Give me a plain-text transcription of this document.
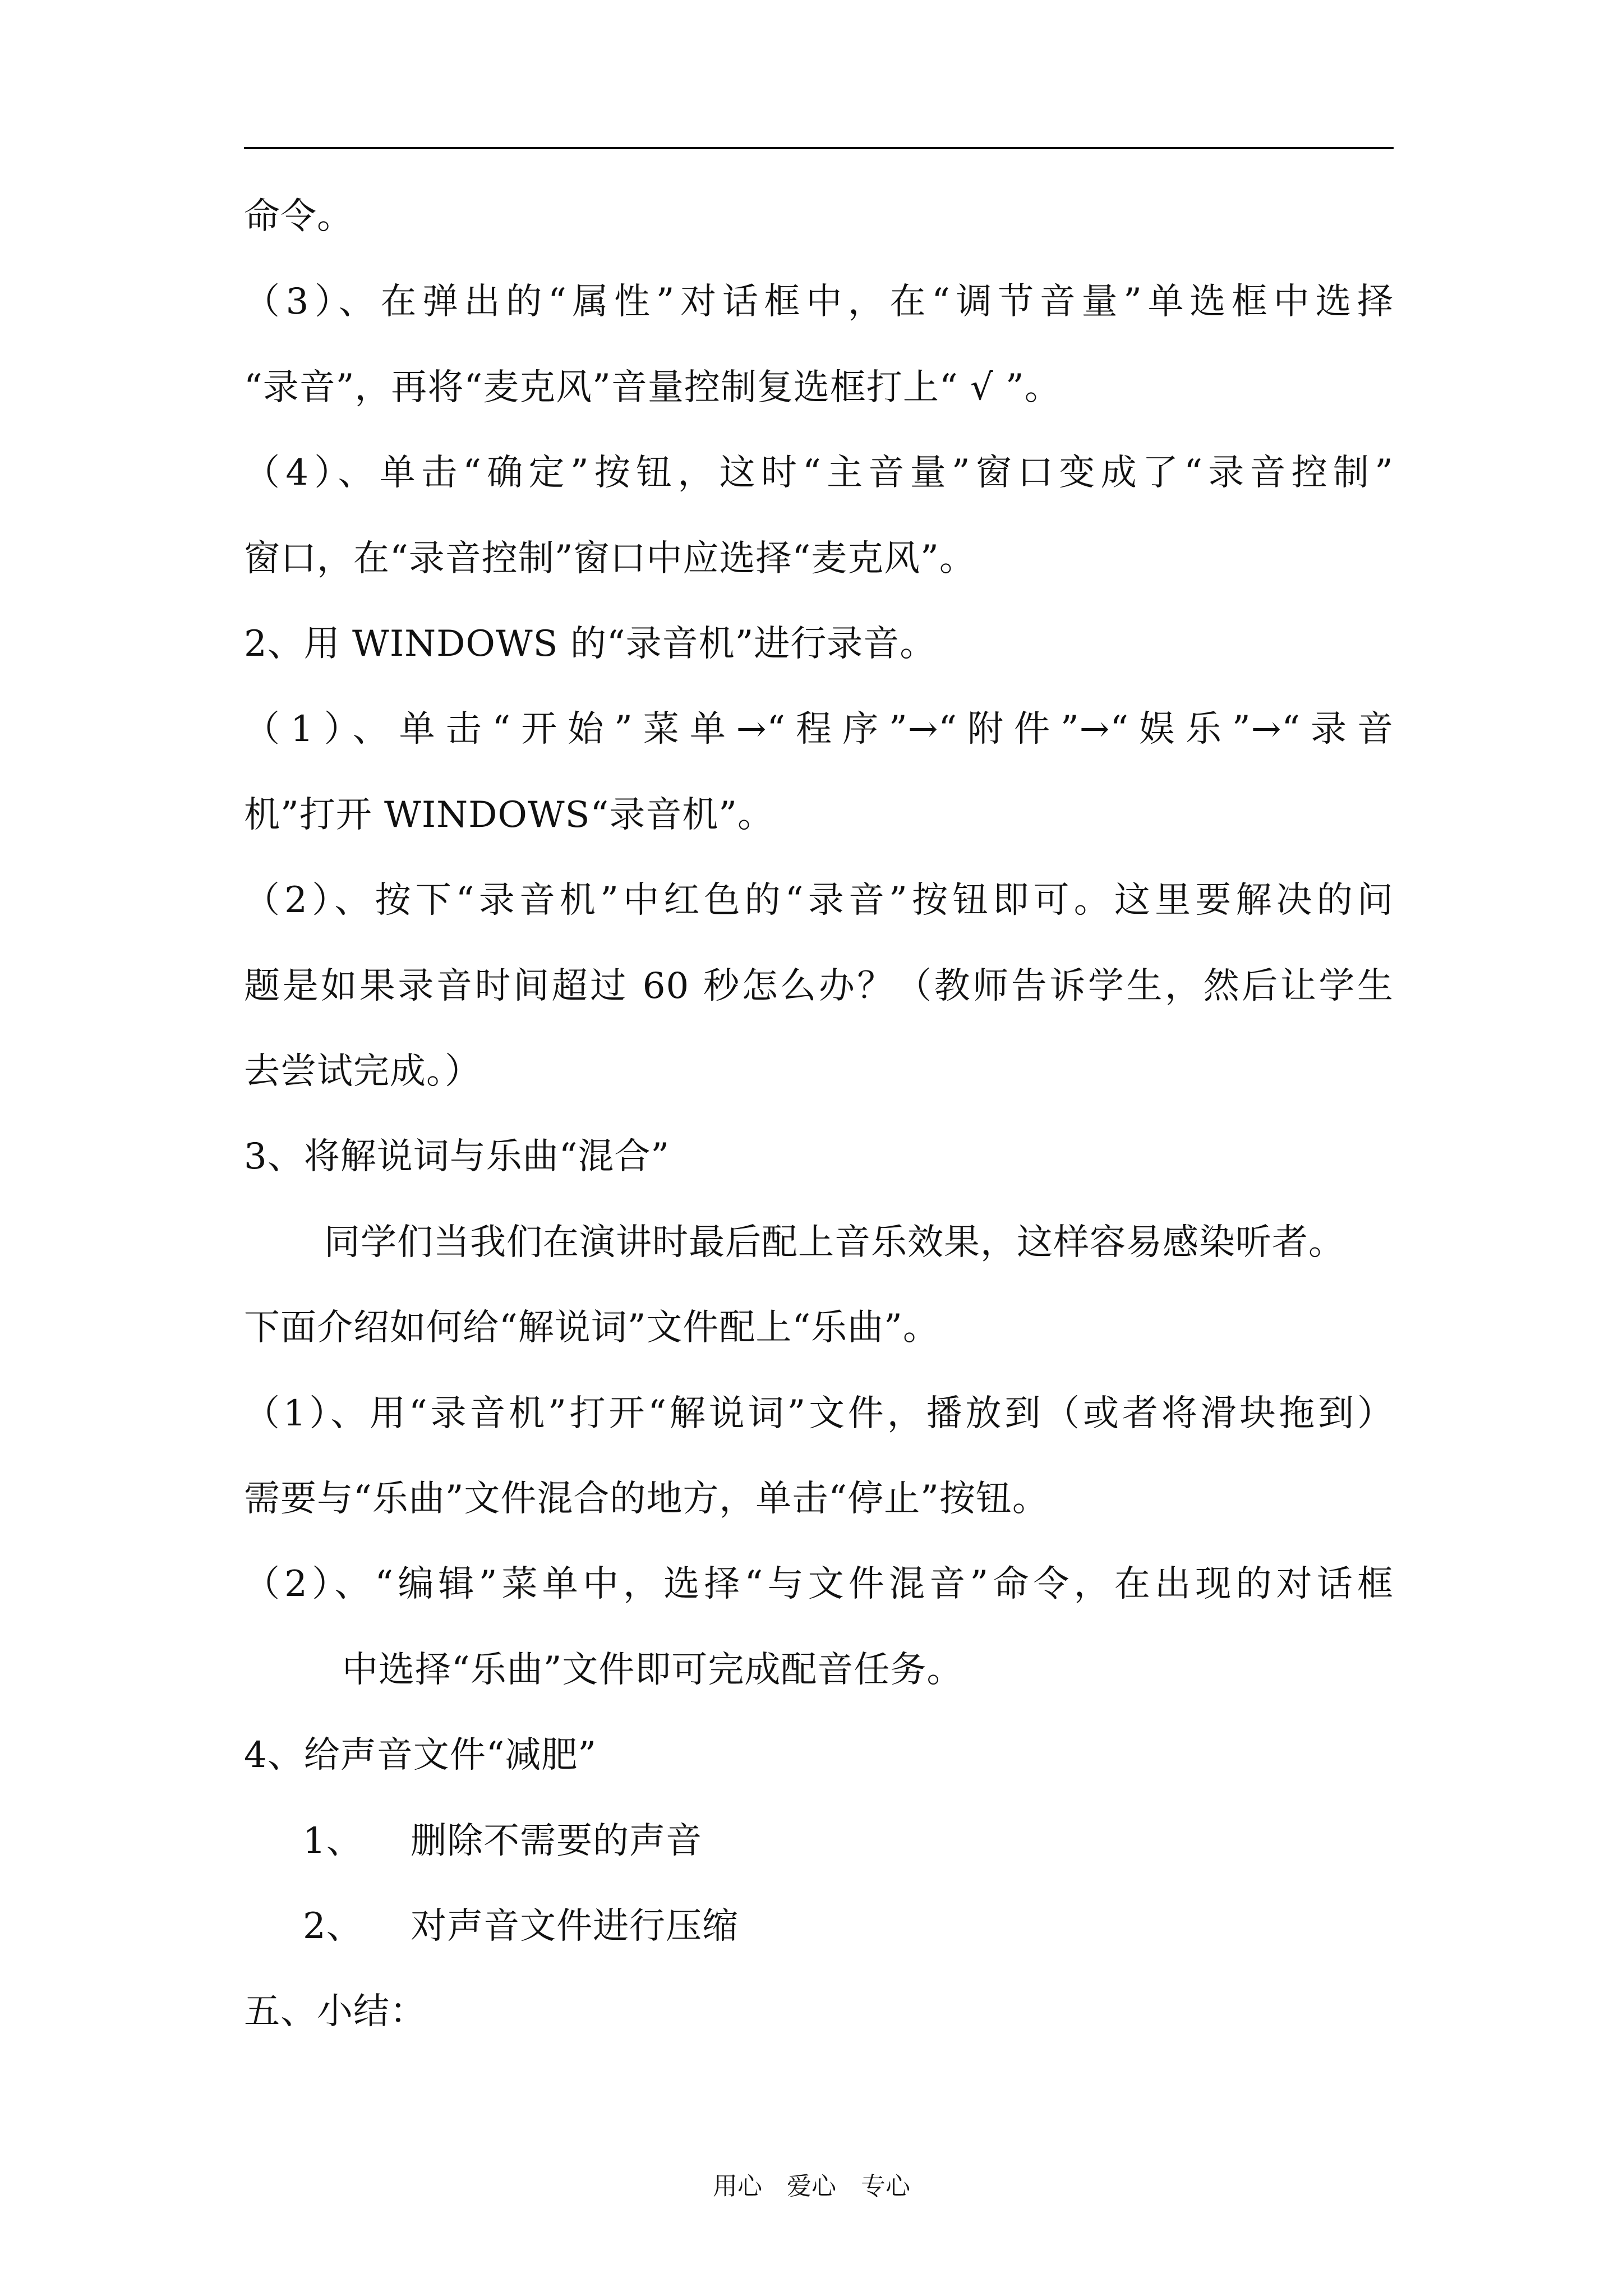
命令。
（3）、在弹出的“属性”对话框中，在“调节音量”单选框中选择
“录音”，再将“麦克风”音量控制复选框打上“ √ ”。
（4）、单击“确定”按钮，这时“主音量”窗口变成了“录音控制”
窗口，在“录音控制”窗口中应选择“麦克风”。
2、用 WINDOWS 的“录音机”进行录音。
（1）、单击“开始”菜单→“程序”→“附件”→“娱乐”→“录音
机”打开 WINDOWS“录音机”。
（2）、按下“录音机”中红色的“录音”按钮即可。这里要解决的问
题是如果录音时间超过 60 秒怎么办？（教师告诉学生，然后让学生
去尝试完成。）
3、将解说词与乐曲“混合”
同学们当我们在演讲时最后配上音乐效果，这样容易感染听者。
下面介绍如何给“解说词”文件配上“乐曲”。
（1）、用“录音机”打开“解说词”文件，播放到（或者将滑块拖到）
需要与“乐曲”文件混合的地方，单击“停止”按钮。
（2）、“编辑”菜单中，选择“与文件混音”命令，在出现的对话框
中选择“乐曲”文件即可完成配音任务。
4、给声音文件“减肥”
1、    删除不需要的声音
2、    对声音文件进行压缩
五、小结：
用心　爱心　专心
